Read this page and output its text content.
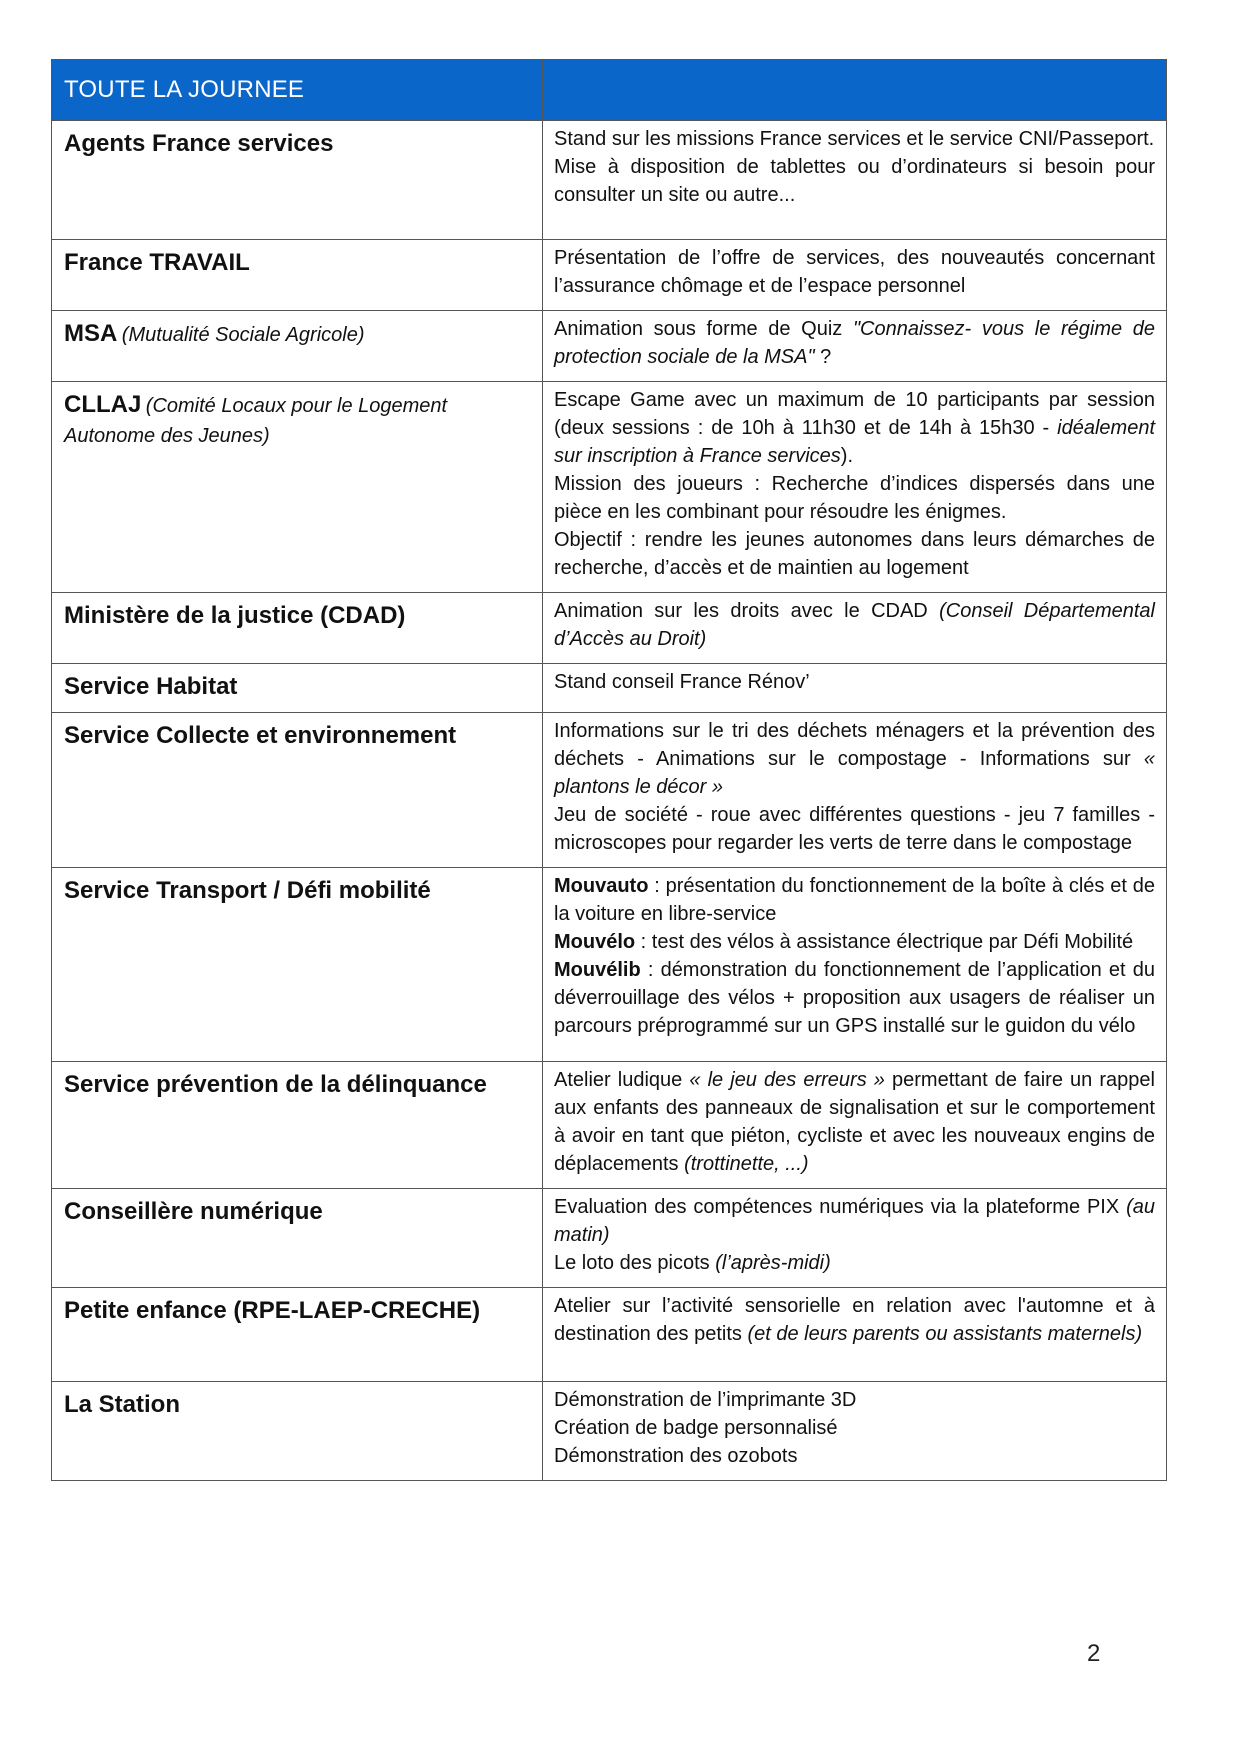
TOUTE LA JOURNEE	

Agents France services	Stand sur les missions France services et le service CNI/Passeport.

Mise à disposition de tablettes ou d’ordinateurs si besoin pour consulter un site ou autre...

France TRAVAIL	Présentation de l’offre de services, des nouveautés concernant l’assurance chômage et de l’espace personnel

MSA (Mutualité Sociale Agricole)	Animation sous forme de Quiz "Connaissez- vous le régime de protection sociale de la MSA" ?

CLLAJ (Comité Locaux pour le Logement Autonome des Jeunes)	Escape Game avec un maximum de 10 participants par session (deux sessions : de 10h à 11h30 et de 14h à 15h30 - idéalement sur inscription à France services).

Mission des joueurs : Recherche d’indices dispersés dans une pièce en les combinant pour résoudre les énigmes.

Objectif : rendre les jeunes autonomes dans leurs démarches de recherche, d’accès et de maintien au logement

Ministère de la justice (CDAD)	Animation sur les droits avec le CDAD (Conseil Départemental d’Accès au Droit)

Service Habitat	Stand conseil France Rénov’

Service Collecte et environnement	Informations sur le tri des déchets ménagers et la prévention des déchets - Animations sur le compostage - Informations sur « plantons le décor »

Jeu de société - roue avec différentes questions - jeu 7 familles - microscopes pour regarder les verts de terre dans le compostage

Service Transport / Défi mobilité	Mouvauto : présentation du fonctionnement de la boîte à clés et de la voiture en libre-service

Mouvélo : test des vélos à assistance électrique par Défi Mobilité

Mouvélib : démonstration du fonctionnement de l’application et du déverrouillage des vélos + proposition aux usagers de réaliser un parcours préprogrammé sur un GPS installé sur le guidon du vélo

Service prévention de la délinquance	Atelier ludique « le jeu des erreurs » permettant de faire un rappel aux enfants des panneaux de signalisation et sur le comportement à avoir en tant que piéton, cycliste et avec les nouveaux engins de déplacements (trottinette, ...)

Conseillère numérique	Evaluation des compétences numériques via la plateforme PIX (au matin)

Le loto des picots (l’après-midi)

Petite enfance (RPE-LAEP-CRECHE)	Atelier sur l’activité sensorielle en relation avec l'automne et à destination des petits (et de leurs parents ou assistants maternels)

La Station	Démonstration de l’imprimante 3D

Création de badge personnalisé

Démonstration des ozobots

2
